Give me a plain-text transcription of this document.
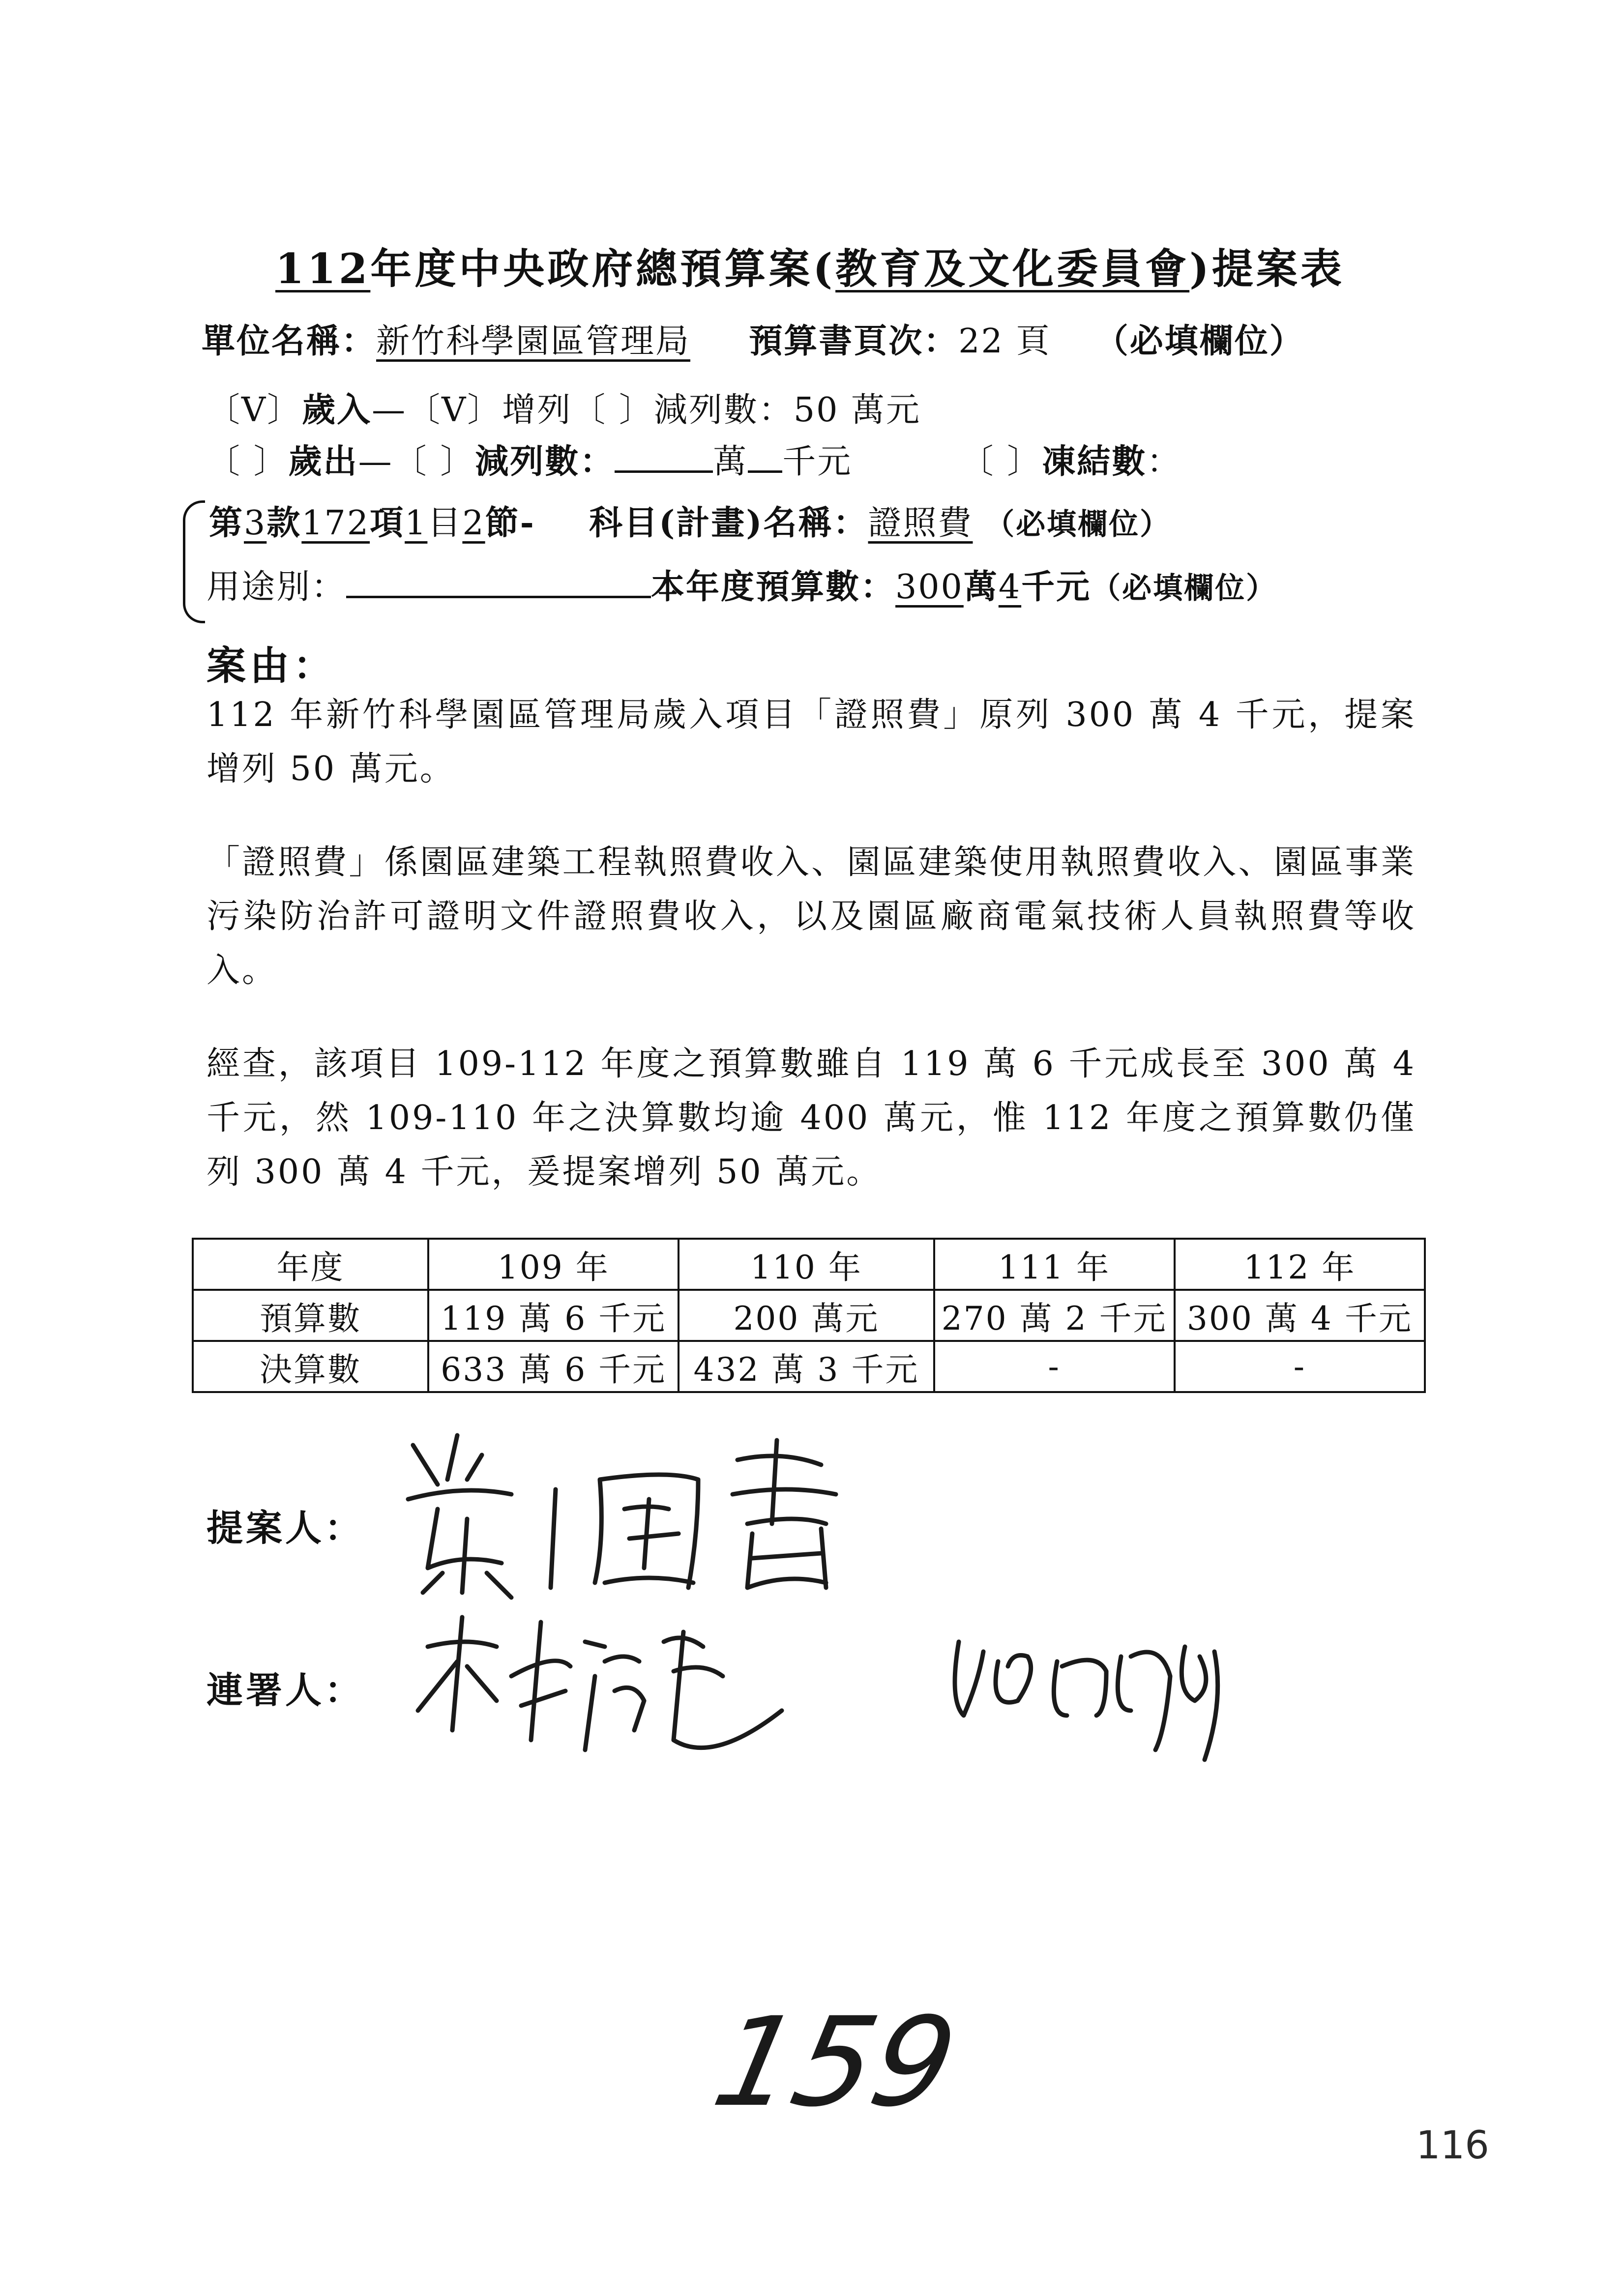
112年度中央政府總預算案(教育及文化委員會)提案表
單位名稱：新竹科學園區管理局 預算書頁次：22 頁 （必填欄位）
〔V〕歲入—〔V〕增列〔 〕減列數：50 萬元
〔 〕歲出—〔 〕減列數：	萬 千元	〔 〕凍結數：
第3款172項1目2節- 科目(計畫)名稱：證照費 （必填欄位）
用途別：	本年度預算數：300萬4千元（必填欄位）
案由：
112 年新竹科學園區管理局歲入項目「證照費」原列 300 萬 4 千元，提案增列 50 萬元。
「證照費」係園區建築工程執照費收入、園區建築使用執照費收入、園區事業污染防治許可證明文件證照費收入，以及園區廠商電氣技術人員執照費等收入。
經查，該項目 109-112 年度之預算數雖自 119 萬 6 千元成長至 300 萬 4 千元，然 109-110 年之決算數均逾 400 萬元，惟 112 年度之預算數仍僅列 300 萬 4 千元，爰提案增列 50 萬元。
年度	109 年	110 年	111 年	112 年
預算數	119 萬 6 千元	200 萬元	270 萬 2 千元	300 萬 4 千元
決算數	633 萬 6 千元	432 萬 3 千元	-	-
提案人：
連署人：
159
116
